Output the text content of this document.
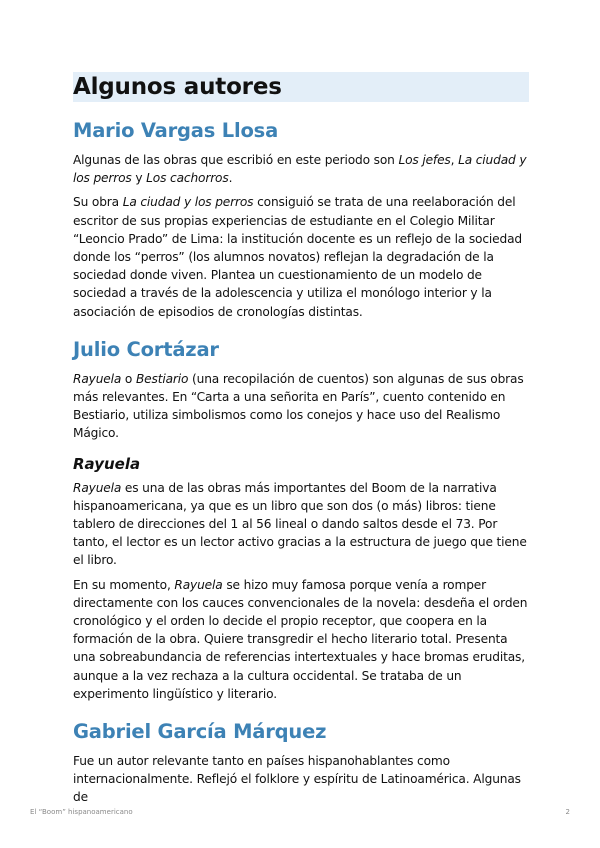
Algunos autores
Mario Vargas Llosa

Algunas de las obras que escribió en este periodo son Los jefes, La ciudad y los perros y Los cachorros.

Su obra La ciudad y los perros consiguió se trata de una reelaboración del escritor de sus propias experiencias de estudiante en el Colegio Militar “Leoncio Prado” de Lima: la institución docente es un reflejo de la sociedad donde los “perros” (los alumnos novatos) reflejan la degradación de la sociedad donde viven. Plantea un cuestionamiento de un modelo de sociedad a través de la adolescencia y utiliza el monólogo interior y la asociación de episodios de cronologías distintas.

Julio Cortázar

Rayuela o Bestiario (una recopilación de cuentos) son algunas de sus obras más relevantes. En “Carta a una señorita en París”, cuento contenido en Bestiario, utiliza simbolismos como los conejos y hace uso del Realismo Mágico.

Rayuela

Rayuela es una de las obras más importantes del Boom de la narrativa hispanoamericana, ya que es un libro que son dos (o más) libros: tiene tablero de direcciones del 1 al 56 lineal o dando saltos desde el 73. Por tanto, el lector es un lector activo gracias a la estructura de juego que tiene el libro.

En su momento, Rayuela se hizo muy famosa porque venía a romper directamente con los cauces convencionales de la novela: desdeña el orden cronológico y el orden lo decide el propio receptor, que coopera en la formación de la obra. Quiere transgredir el hecho literario total. Presenta una sobreabundancia de referencias intertextuales y hace bromas eruditas, aunque a la vez rechaza a la cultura occidental. Se trataba de un experimento lingüístico y literario.

Gabriel García Márquez

Fue un autor relevante tanto en países hispanohablantes como internacionalmente. Reflejó el folklore y espíritu de Latinoamérica. Algunas de

El “Boom” hispanoamericano	2
